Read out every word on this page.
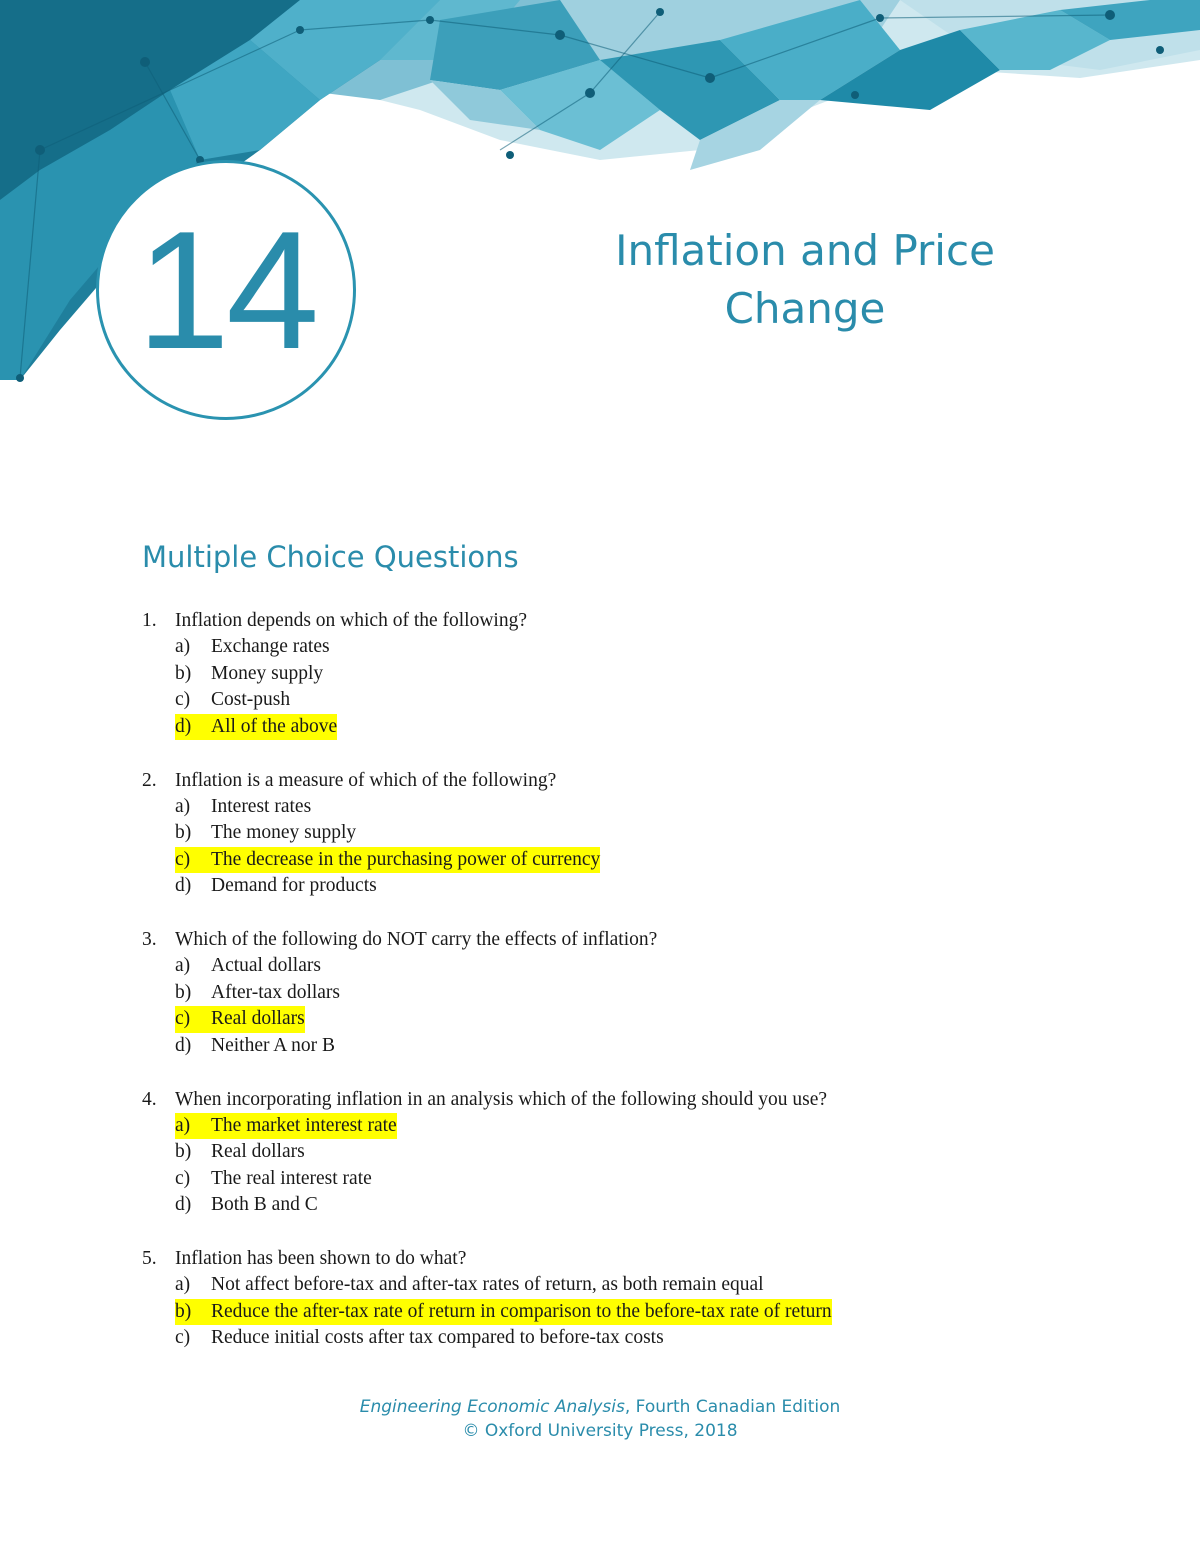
14	Inflation and Price
Change
Multiple Choice Questions
1. Inflation depends on which of the following?
a)	Exchange rates
b)	Money supply
c)	Cost-push
d)	All of the above
2. Inflation is a measure of which of the following?
a)	Interest rates
b)	The money supply
c)	The decrease in the purchasing power of currency
d)	Demand for products
3. Which of the following do NOT carry the effects of inflation?
a)	Actual dollars
b)	After-tax dollars
c)	Real dollars
d)	Neither A nor B
4. When incorporating inflation in an analysis which of the following should you use?
a)	The market interest rate
b)	Real dollars
c)	The real interest rate
d)	Both B and C
5. Inflation has been shown to do what?
a)	Not affect before-tax and after-tax rates of return, as both remain equal
b)	Reduce the after-tax rate of return in comparison to the before-tax rate of return
c)	Reduce initial costs after tax compared to before-tax costs
Engineering Economic Analysis, Fourth Canadian Edition
© Oxford University Press, 2018
